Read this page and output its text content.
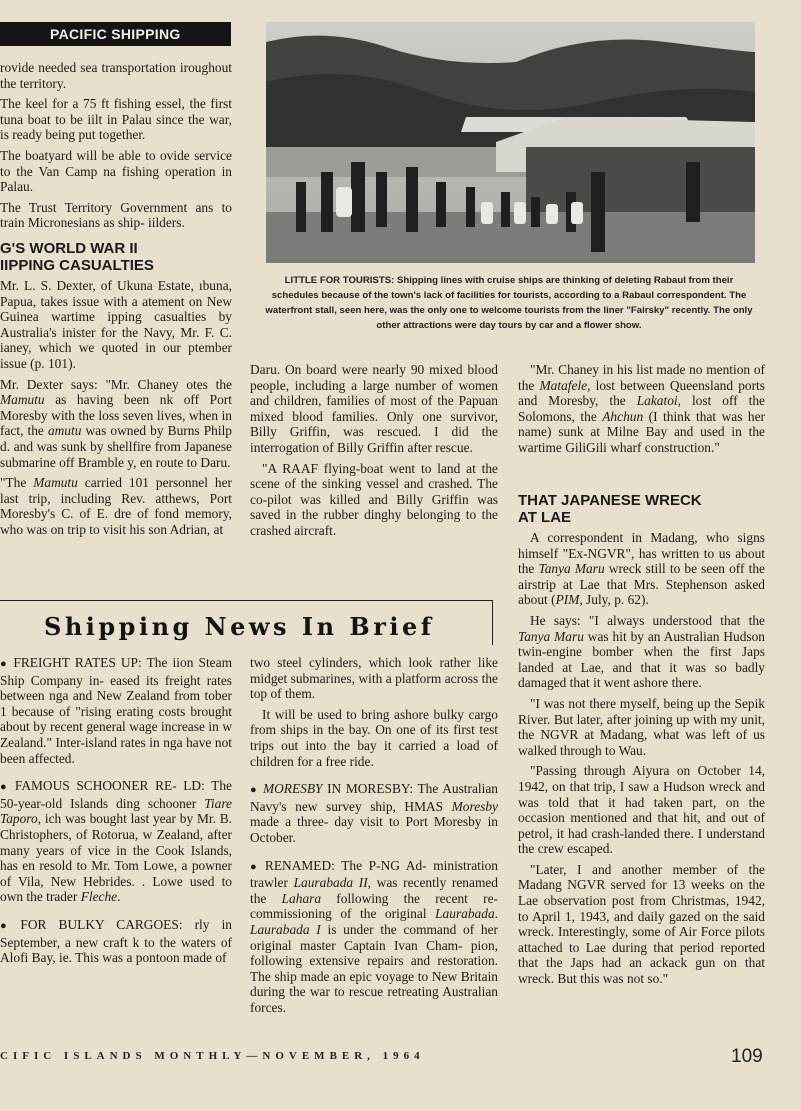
PACIFIC SHIPPING
LITTLE FOR TOURISTS: Shipping lines with cruise ships are thinking of deleting Rabaul from their schedules because of the town's lack of facilities for tourists, according to a Rabaul correspondent. The waterfront stall, seen here, was the only one to welcome tourists from the liner "Fairsky" recently. The only other attractions were day tours by car and a flower show.

rovide needed sea transportation iroughout the territory.

The keel for a 75 ft fishing essel, the first tuna boat to be iilt in Palau since the war, is ready being put together.

The boatyard will be able to ovide service to the Van Camp na fishing operation in Palau.

The Trust Territory Government ans to train Micronesians as ship- iilders.

G'S WORLD WAR II
IIPPING CASUALTIES

Mr. L. S. Dexter, of Ukuna Estate, ıbuna, Papua, takes issue with a atement on New Guinea wartime ipping casualties by Australia's inister for the Navy, Mr. F. C. ianey, which we quoted in our ptember issue (p. 101).

Mr. Dexter says: "Mr. Chaney otes the Mamutu as having been nk off Port Moresby with the loss seven lives, when in fact, the amutu was owned by Burns Philp d. and was sunk by shellfire from Japanese submarine off Bramble y, en route to Daru.

"The Mamutu carried 101 personnel her last trip, including Rev. atthews, Port Moresby's C. of E. dre of fond memory, who was on trip to visit his son Adrian, at

Daru. On board were nearly 90 mixed blood people, including a large number of women and children, families of most of the Papuan mixed blood families. Only one survivor, Billy Griffin, was rescued. I did the interrogation of Billy Griffin after rescue.

"A RAAF flying-boat went to land at the scene of the sinking vessel and crashed. The co-pilot was killed and Billy Griffin was saved in the rubber dinghy belonging to the crashed aircraft.

"Mr. Chaney in his list made no mention of the Matafele, lost between Queensland ports and Moresby, the Lakatoi, lost off the Solomons, the Ahchun (I think that was her name) sunk at Milne Bay and used in the wartime GiliGili wharf construction."

THAT JAPANESE WRECK
AT LAE

A correspondent in Madang, who signs himself "Ex-NGVR", has written to us about the Tanya Maru wreck still to be seen off the airstrip at Lae that Mrs. Stephenson asked about (PIM, July, p. 62).

He says: "I always understood that the Tanya Maru was hit by an Australian Hudson twin-engine bomber when the first Japs landed at Lae, and that it was so badly damaged that it went ashore there.

"I was not there myself, being up the Sepik River. But later, after joining up with my unit, the NGVR at Madang, what was left of us walked through to Wau.

"Passing through Aiyura on October 14, 1942, on that trip, I saw a Hudson wreck and was told that it had taken part, on the occasion mentioned and that hit, and out of petrol, it had crash-landed there. I understand the crew escaped.

"Later, I and another member of the Madang NGVR served for 13 weeks on the Lae observation post from Christmas, 1942, to April 1, 1943, and daily gazed on the said wreck. Interestingly, some of Air Force pilots attached to Lae during that period reported that the Japs had an ackack gun on that wreck. But this was not so."

Shipping News In Brief

● FREIGHT RATES UP: The iion Steam Ship Company in- eased its freight rates between nga and New Zealand from tober 1 because of "rising erating costs brought about by recent general wage increase in w Zealand." Inter-island rates in nga have not been affected.

● FAMOUS SCHOONER RE- LD: The 50-year-old Islands ding schooner Tiare Taporo, ich was bought last year by Mr. B. Christophers, of Rotorua, w Zealand, after many years of vice in the Cook Islands, has en resold to Mr. Tom Lowe, a powner of Vila, New Hebrides. . Lowe used to own the trader Fleche.

● FOR BULKY CARGOES: rly in September, a new craft k to the waters of Alofi Bay, ie. This was a pontoon made of

two steel cylinders, which look rather like midget submarines, with a platform across the top of them.

It will be used to bring ashore bulky cargo from ships in the bay. On one of its first test trips out into the bay it carried a load of children for a free ride.

● MORESBY IN MORESBY: The Australian Navy's new survey ship, HMAS Moresby made a three- day visit to Port Moresby in October.

● RENAMED: The P-NG Ad- ministration trawler Laurabada II, was recently renamed the Lahara following the recent re-commissioning of the original Laurabada. Laurabada I is under the command of her original master Captain Ivan Cham- pion, following extensive repairs and restoration. The ship made an epic voyage to New Britain during the war to rescue retreating Australian forces.

CIFIC ISLANDS MONTHLY—NOVEMBER, 1964	109
